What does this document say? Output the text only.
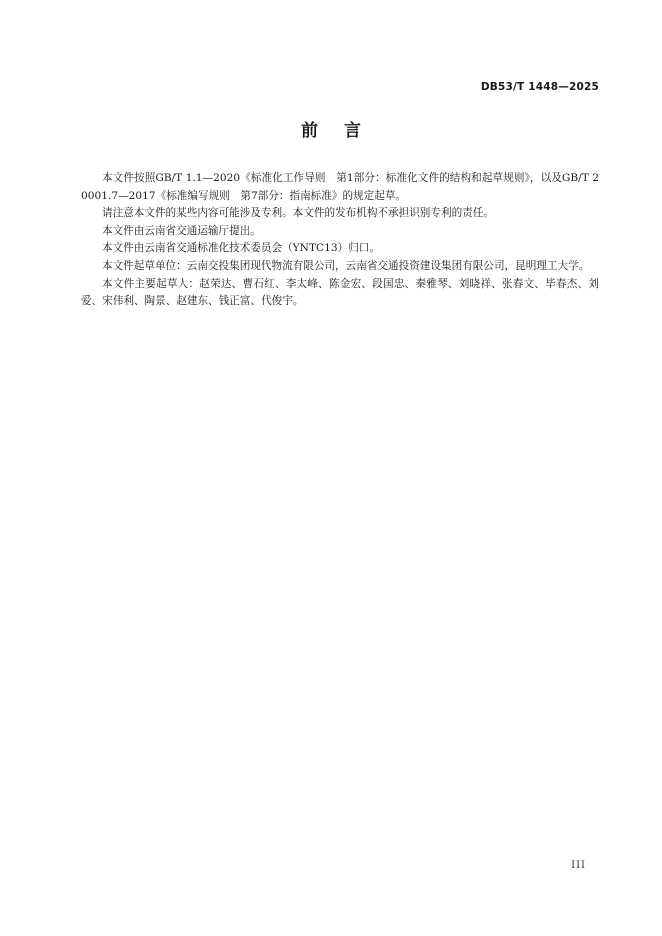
DB53/T 1448—2025
前言

本文件按照GB/T 1.1—2020《标准化工作导则　第1部分：标准化文件的结构和起草规则》，以及GB/T 20001.7—2017《标准编写规则　第7部分：指南标准》的规定起草。

请注意本文件的某些内容可能涉及专利。本文件的发布机构不承担识别专利的责任。

本文件由云南省交通运输厅提出。

本文件由云南省交通标准化技术委员会（YNTC13）归口。

本文件起草单位：云南交投集团现代物流有限公司，云南省交通投资建设集团有限公司，昆明理工大学。

本文件主要起草人：赵荣达、曹石红、李太峰、陈金宏、段国忠、秦雅琴、刘晓祥、张春文、毕春杰、刘爱、宋伟利、陶景、赵建东、钱正富、代俊宇。

III
